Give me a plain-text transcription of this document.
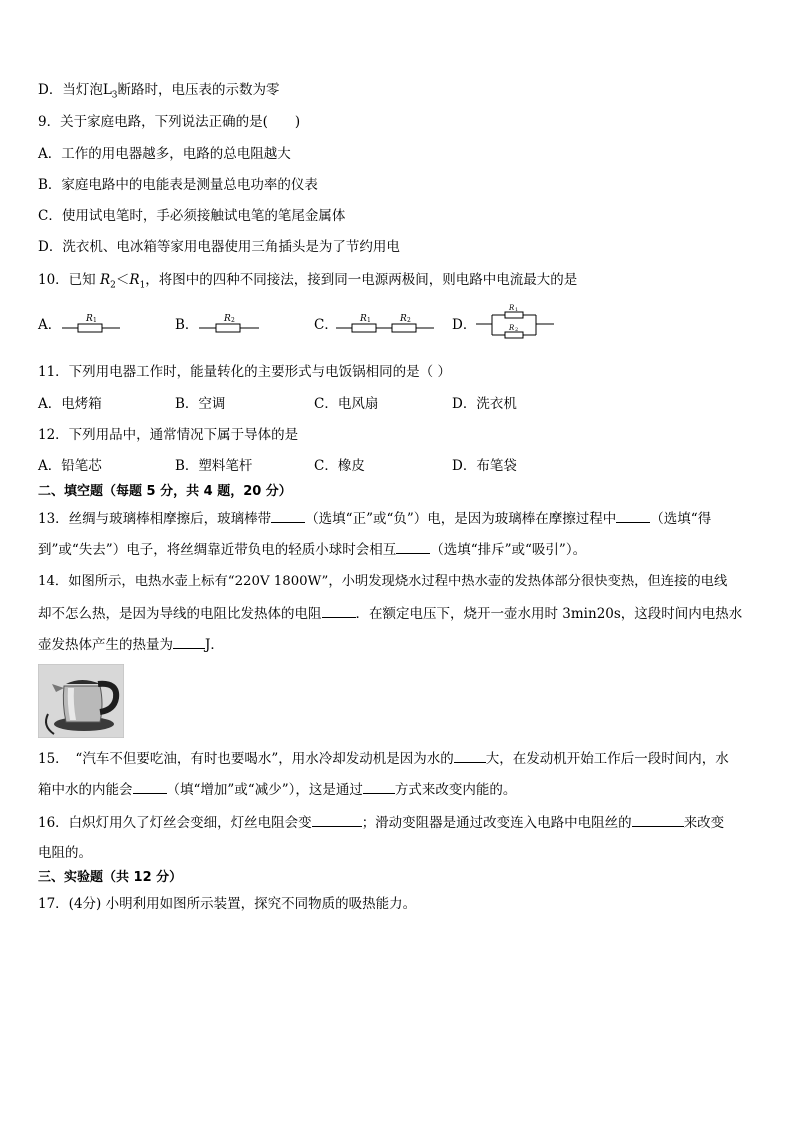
D．当灯泡$L_3$断路时，电压表的示数为零
9．关于家庭电路，下列说法正确的是(　　)
A．工作的用电器越多，电路的总电阻越大
B．家庭电路中的电能表是测量总电功率的仪表
C．使用试电笔时，手必须接触试电笔的笔尾金属体
D．洗衣机、电冰箱等家用电器使用三角插头是为了节约用电
10．已知 $R_2<R_1$，将图中的四种不同接法，接到同一电源两极间，则电路中电流最大的是
A．	R 1	B．	R 2	C． R 1	R 2	D．
R 1
R 2
11．下列用电器工作时，能量转化的主要形式与电饭锅相同的是（ ）
A．电烤箱	B．空调	C．电风扇	D．洗衣机
12．下列用品中，通常情况下属于导体的是
A．铅笔芯	B．塑料笔杆	C．橡皮	D．布笔袋
二、填空题（每题 5 分，共 4 题，20 分）
13．丝绸与玻璃棒相摩擦后，玻璃棒带	（选填“正”或“负”）电，是因为玻璃棒在摩擦过程中	（选填“得
到”或“失去”）电子，将丝绸靠近带负电的轻质小球时会相互	（选填“排斥”或“吸引”）。
14．如图所示，电热水壶上标有“220V 1800W”，小明发现烧水过程中热水壶的发热体部分很快变热，但连接的电线
却不怎么热，是因为导线的电阻比发热体的电阻	．在额定电压下，烧开一壶水用时 3min20s，这段时间内电热水
壶发热体产生的热量为 J．
15．　“汽车不但要吃油，有时也要喝水”，用水冷却发动机是因为水的 大，在发动机开始工作后一段时间内，水
箱中水的内能会	（填“增加”或“减少”），这是通过 方式来改变内能的。
16．白炽灯用久了灯丝会变细，灯丝电阻会变	；滑动变阻器是通过改变连入电路中电阻丝的	来改变
电阻的。
三、实验题（共 12 分）
17．(4分) 小明利用如图所示装置，探究不同物质的吸热能力。
